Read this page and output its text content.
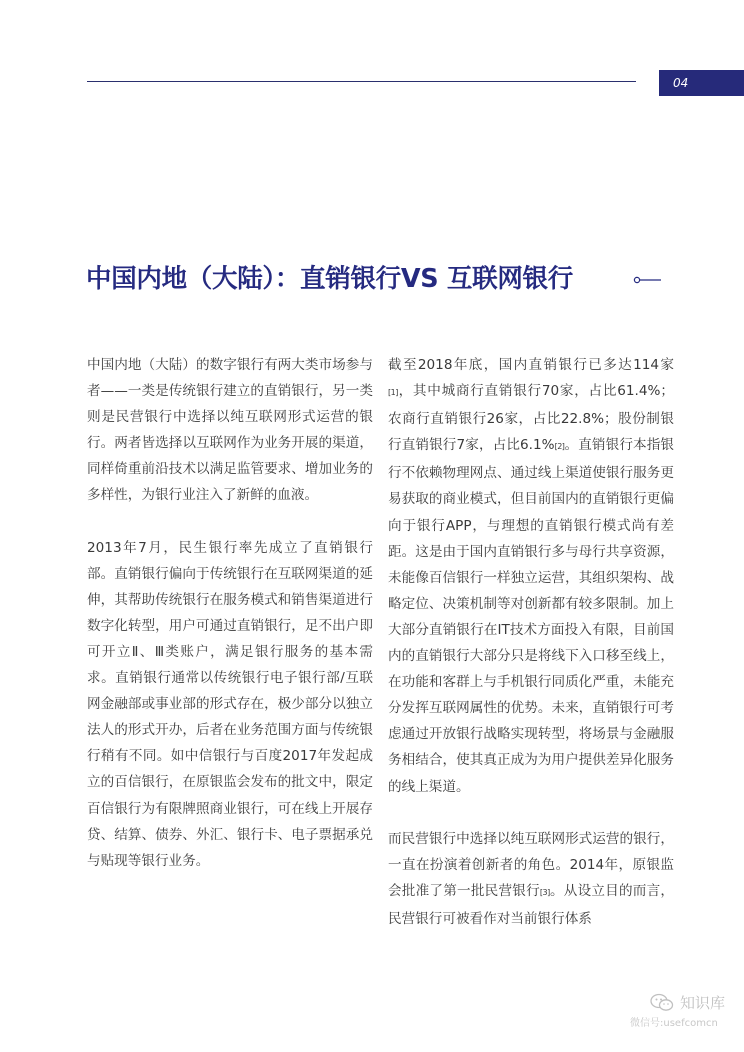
04
中国内地（大陆）：直销银行VS 互联网银行

中国内地（大陆）的数字银行有两大类市场参与者——一类是传统银行建立的直销银行，另一类则是民营银行中选择以纯互联网形式运营的银行。两者皆选择以互联网作为业务开展的渠道，同样倚重前沿技术以满足监管要求、增加业务的多样性，为银行业注入了新鲜的血液。

2013年7月，民生银行率先成立了直销银行部。直销银行偏向于传统银行在互联网渠道的延伸，其帮助传统银行在服务模式和销售渠道进行数字化转型，用户可通过直销银行，足不出户即可开立Ⅱ、Ⅲ类账户，满足银行服务的基本需求。直销银行通常以传统银行电子银行部/互联网金融部或事业部的形式存在，极少部分以独立法人的形式开办，后者在业务范围方面与传统银行稍有不同。如中信银行与百度2017年发起成立的百信银行，在原银监会发布的批文中，限定百信银行为有限牌照商业银行，可在线上开展存贷、结算、债券、外汇、银行卡、电子票据承兑与贴现等银行业务。

截至2018年底，国内直销银行已多达114家[1]，其中城商行直销银行70家，占比61.4%；农商行直销银行26家，占比22.8%；股份制银行直销银行7家，占比6.1%[2]。直销银行本指银行不依赖物理网点、通过线上渠道使银行服务更易获取的商业模式，但目前国内的直销银行更偏向于银行APP，与理想的直销银行模式尚有差距。这是由于国内直销银行多与母行共享资源，未能像百信银行一样独立运营，其组织架构、战略定位、决策机制等对创新都有较多限制。加上大部分直销银行在IT技术方面投入有限，目前国内的直销银行大部分只是将线下入口移至线上，在功能和客群上与手机银行同质化严重，未能充分发挥互联网属性的优势。未来，直销银行可考虑通过开放银行战略实现转型，将场景与金融服务相结合，使其真正成为为用户提供差异化服务的线上渠道。

而民营银行中选择以纯互联网形式运营的银行，一直在扮演着创新者的角色。2014年，原银监会批准了第一批民营银行[3]。从设立目的而言，民营银行可被看作对当前银行体系

知识库
微信号:usefcomcn
